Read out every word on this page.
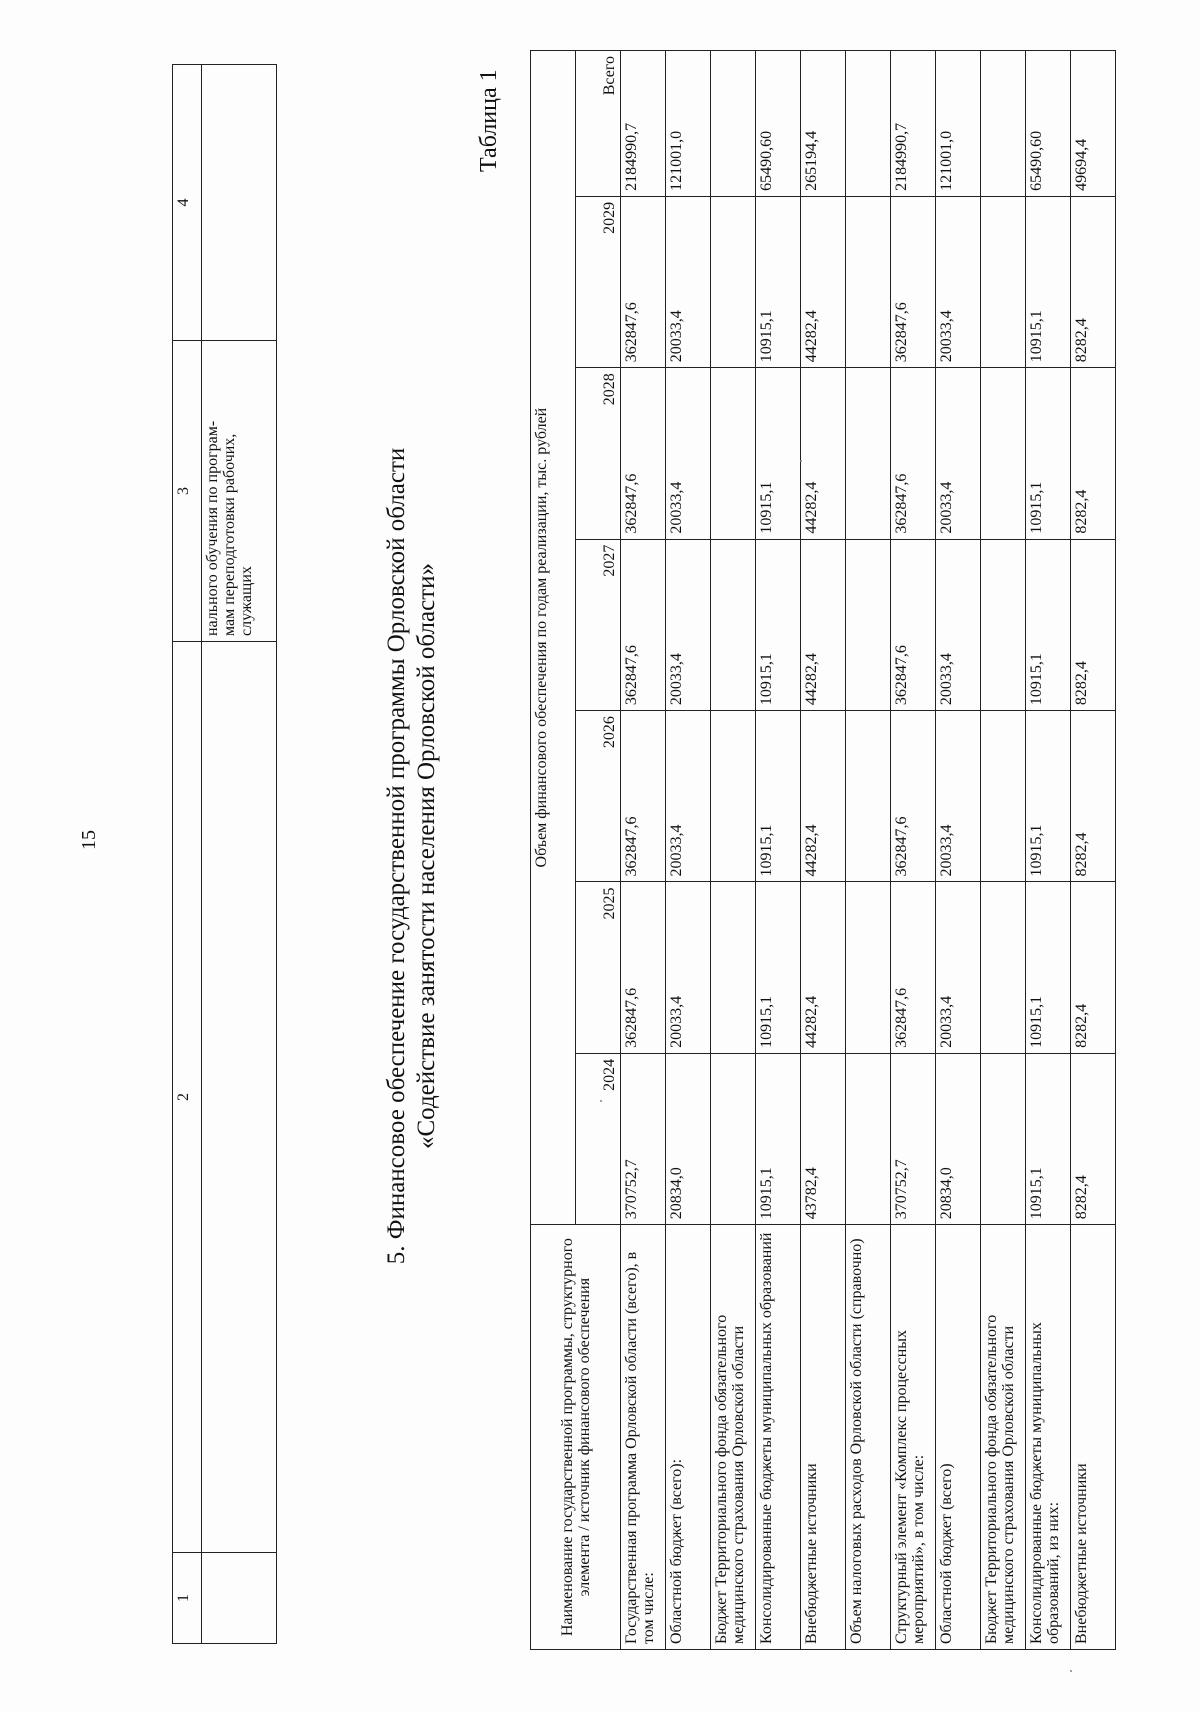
15
1	2	3	4
		нального обучения по програм-
мам переподготовки рабочих,
служащих		5. Финансовое обеспечение государственной программы Орловской области «Содействие занятости населения Орловской области»
Таблица 1
Наименование государственной программы, структурного элемента / источник финансового обеспечения	Объем финансового обеспечения по годам реализации, тыс. рублей						
	2024	2025	2026	2027	2028	2029	Всего
Государственная программа Орловской области (всего), в том числе:	370752,7	362847,6	362847,6	362847,6	362847,6	362847,6	2184990,7
Областной бюджет (всего):	20834,0	20033,4	20033,4	20033,4	20033,4	20033,4	121001,0
Бюджет Территориального фонда обязательного медицинского страхования Орловской области							
Консолидированные бюджеты муниципальных образований	10915,1	10915,1	10915,1	10915,1	10915,1	10915,1	65490,60
Внебюджетные источники	43782,4	44282,4	44282,4	44282,4	44282,4	44282,4	265194,4
Объем налоговых расходов Орловской области (справочно)							
Структурный элемент «Комплекс процессных мероприятий», в том числе:	370752,7	362847,6	362847,6	362847,6	362847,6	362847,6	2184990,7
Областной бюджет (всего)	20834,0	20033,4	20033,4	20033,4	20033,4	20033,4	121001,0
Бюджет Территориального фонда обязательного медицинского страхования Орловской области							
Консолидированные бюджеты муниципальных образований, из них:	10915,1	10915,1	10915,1	10915,1	10915,1	10915,1	65490,60
Внебюджетные источники	8282,4	8282,4	8282,4	8282,4	8282,4	8282,4	49694,4
